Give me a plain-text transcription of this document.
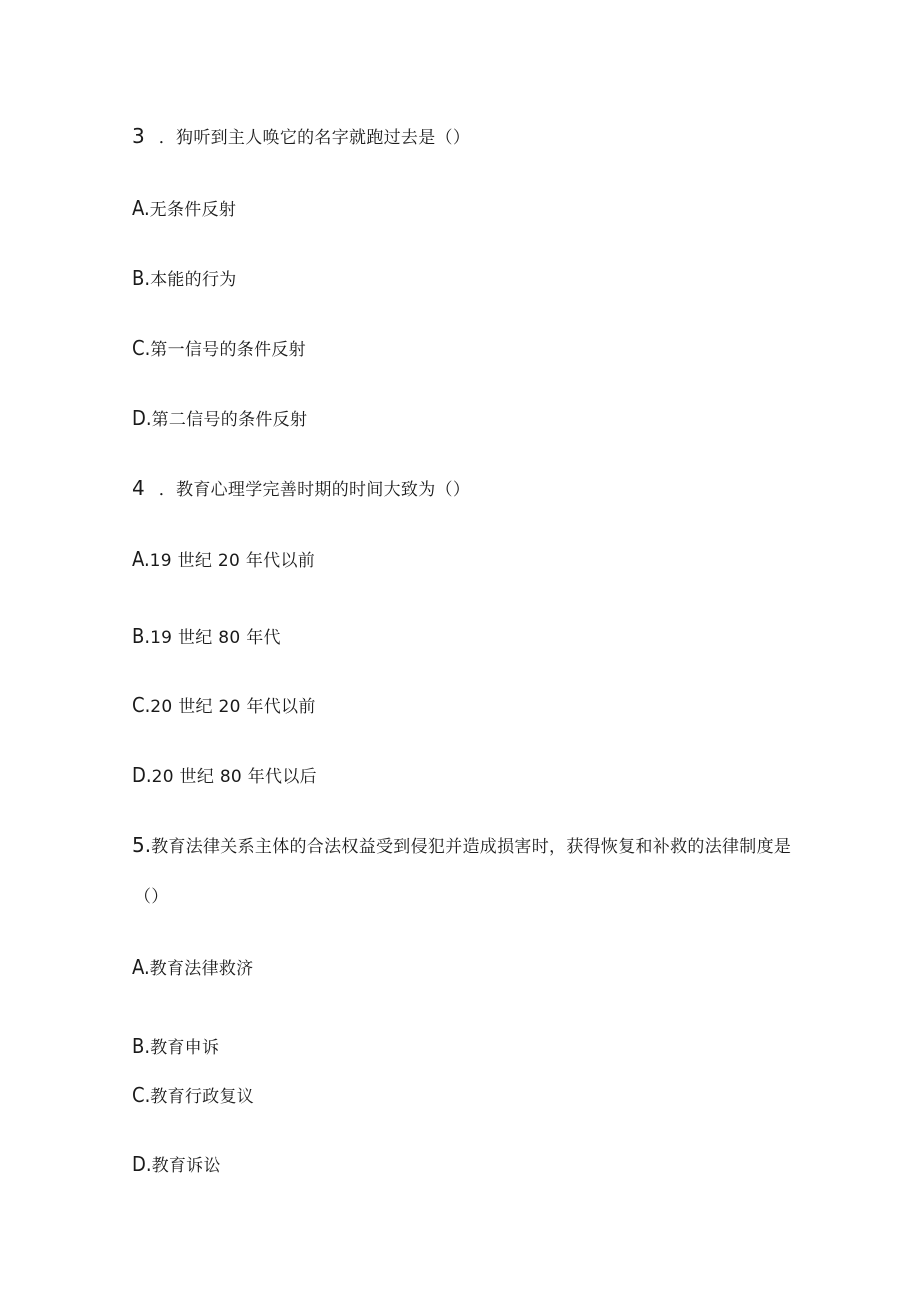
3 ．狗听到主人唤它的名字就跑过去是（）
A.无条件反射
B.本能的行为
C.第一信号的条件反射
D.第二信号的条件反射
4 ．教育心理学完善时期的时间大致为（）
A.19 世纪 20 年代以前
B.19 世纪 80 年代
C.20 世纪 20 年代以前
D.20 世纪 80 年代以后
5.教育法律关系主体的合法权益受到侵犯并造成损害时，获得恢复和补救的法律制度是
（）
A.教育法律救济
B.教育申诉
C.教育行政复议
D.教育诉讼
